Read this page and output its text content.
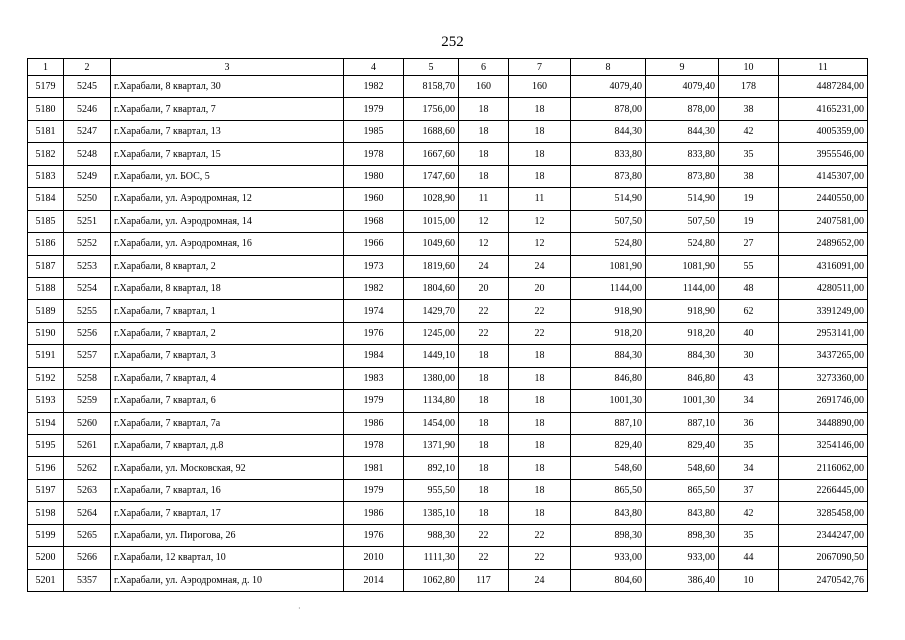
252
1	2	3	4	5	6	7	8	9	10	11
5179	5245	г.Харабали, 8 квартал, 30	1982	8158,70	160	160	4079,40	4079,40	178	4487284,00
5180	5246	г.Харабали, 7 квартал, 7	1979	1756,00	18	18	878,00	878,00	38	4165231,00
5181	5247	г.Харабали, 7 квартал, 13	1985	1688,60	18	18	844,30	844,30	42	4005359,00
5182	5248	г.Харабали, 7 квартал, 15	1978	1667,60	18	18	833,80	833,80	35	3955546,00
5183	5249	г.Харабали, ул. БОС, 5	1980	1747,60	18	18	873,80	873,80	38	4145307,00
5184	5250	г.Харабали, ул. Аэродромная, 12	1960	1028,90	11	11	514,90	514,90	19	2440550,00
5185	5251	г.Харабали, ул. Аэродромная, 14	1968	1015,00	12	12	507,50	507,50	19	2407581,00
5186	5252	г.Харабали, ул. Аэродромная, 16	1966	1049,60	12	12	524,80	524,80	27	2489652,00
5187	5253	г.Харабали, 8 квартал, 2	1973	1819,60	24	24	1081,90	1081,90	55	4316091,00
5188	5254	г.Харабали, 8 квартал, 18	1982	1804,60	20	20	1144,00	1144,00	48	4280511,00
5189	5255	г.Харабали, 7 квартал, 1	1974	1429,70	22	22	918,90	918,90	62	3391249,00
5190	5256	г.Харабали, 7 квартал, 2	1976	1245,00	22	22	918,20	918,20	40	2953141,00
5191	5257	г.Харабали, 7 квартал, 3	1984	1449,10	18	18	884,30	884,30	30	3437265,00
5192	5258	г.Харабали, 7 квартал, 4	1983	1380,00	18	18	846,80	846,80	43	3273360,00
5193	5259	г.Харабали, 7 квартал, 6	1979	1134,80	18	18	1001,30	1001,30	34	2691746,00
5194	5260	г.Харабали, 7 квартал, 7а	1986	1454,00	18	18	887,10	887,10	36	3448890,00
5195	5261	г.Харабали, 7 квартал, д.8	1978	1371,90	18	18	829,40	829,40	35	3254146,00
5196	5262	г.Харабали, ул. Московская, 92	1981	892,10	18	18	548,60	548,60	34	2116062,00
5197	5263	г.Харабали, 7 квартал, 16	1979	955,50	18	18	865,50	865,50	37	2266445,00
5198	5264	г.Харабали, 7 квартал, 17	1986	1385,10	18	18	843,80	843,80	42	3285458,00
5199	5265	г.Харабали, ул. Пирогова, 26	1976	988,30	22	22	898,30	898,30	35	2344247,00
5200	5266	г.Харабали, 12 квартал, 10	2010	1111,30	22	22	933,00	933,00	44	2067090,50
5201	5357	г.Харабали, ул. Аэродромная, д. 10	2014	1062,80	117	24	804,60	386,40	10	2470542,76
·
